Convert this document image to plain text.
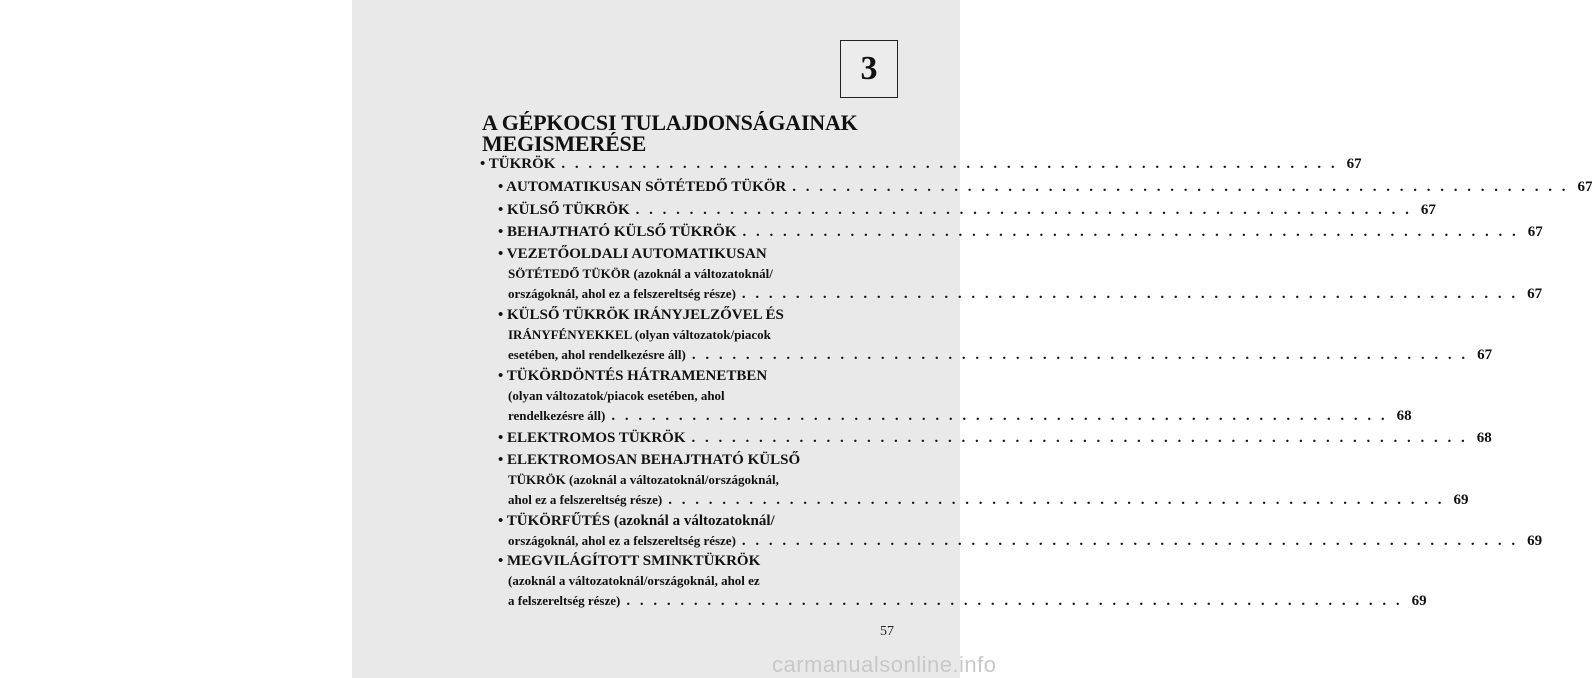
3
A GÉPKOCSI TULAJDONSÁGAINAK
MEGISMERÉSE
• TÜKRÖK . . .	67
• AUTOMATIKUSAN SÖTÉTEDŐ TÜKÖR . . .	67
• KÜLSŐ TÜKRÖK . . .	67
• BEHAJTHATÓ KÜLSŐ TÜKRÖK . . .	67
• VEZETŐOLDALI AUTOMATIKUSAN
SÖTÉTEDŐ TÜKÖR (azoknál a változatoknál/
országoknál, ahol ez a felszereltség része) . . .	67
• KÜLSŐ TÜKRÖK IRÁNYJELZŐVEL ÉS
IRÁNYFÉNYEKKEL (olyan változatok/piacok
esetében, ahol rendelkezésre áll) . . .	67
• TÜKÖRDÖNTÉS HÁTRAMENETBEN
(olyan változatok/piacok esetében, ahol
rendelkezésre áll) . . .	68
• ELEKTROMOS TÜKRÖK . . .	68
• ELEKTROMOSAN BEHAJTHATÓ KÜLSŐ
TÜKRÖK (azoknál a változatoknál/országoknál,
ahol ez a felszereltség része) . . .	69
• TÜKÖRFŰTÉS (azoknál a változatoknál/
országoknál, ahol ez a felszereltség része) . . .	69
• MEGVILÁGÍTOTT SMINKTÜKRÖK
(azoknál a változatoknál/országoknál, ahol ez
a felszereltség része) . . .	69
57
carmanualsonline.info
